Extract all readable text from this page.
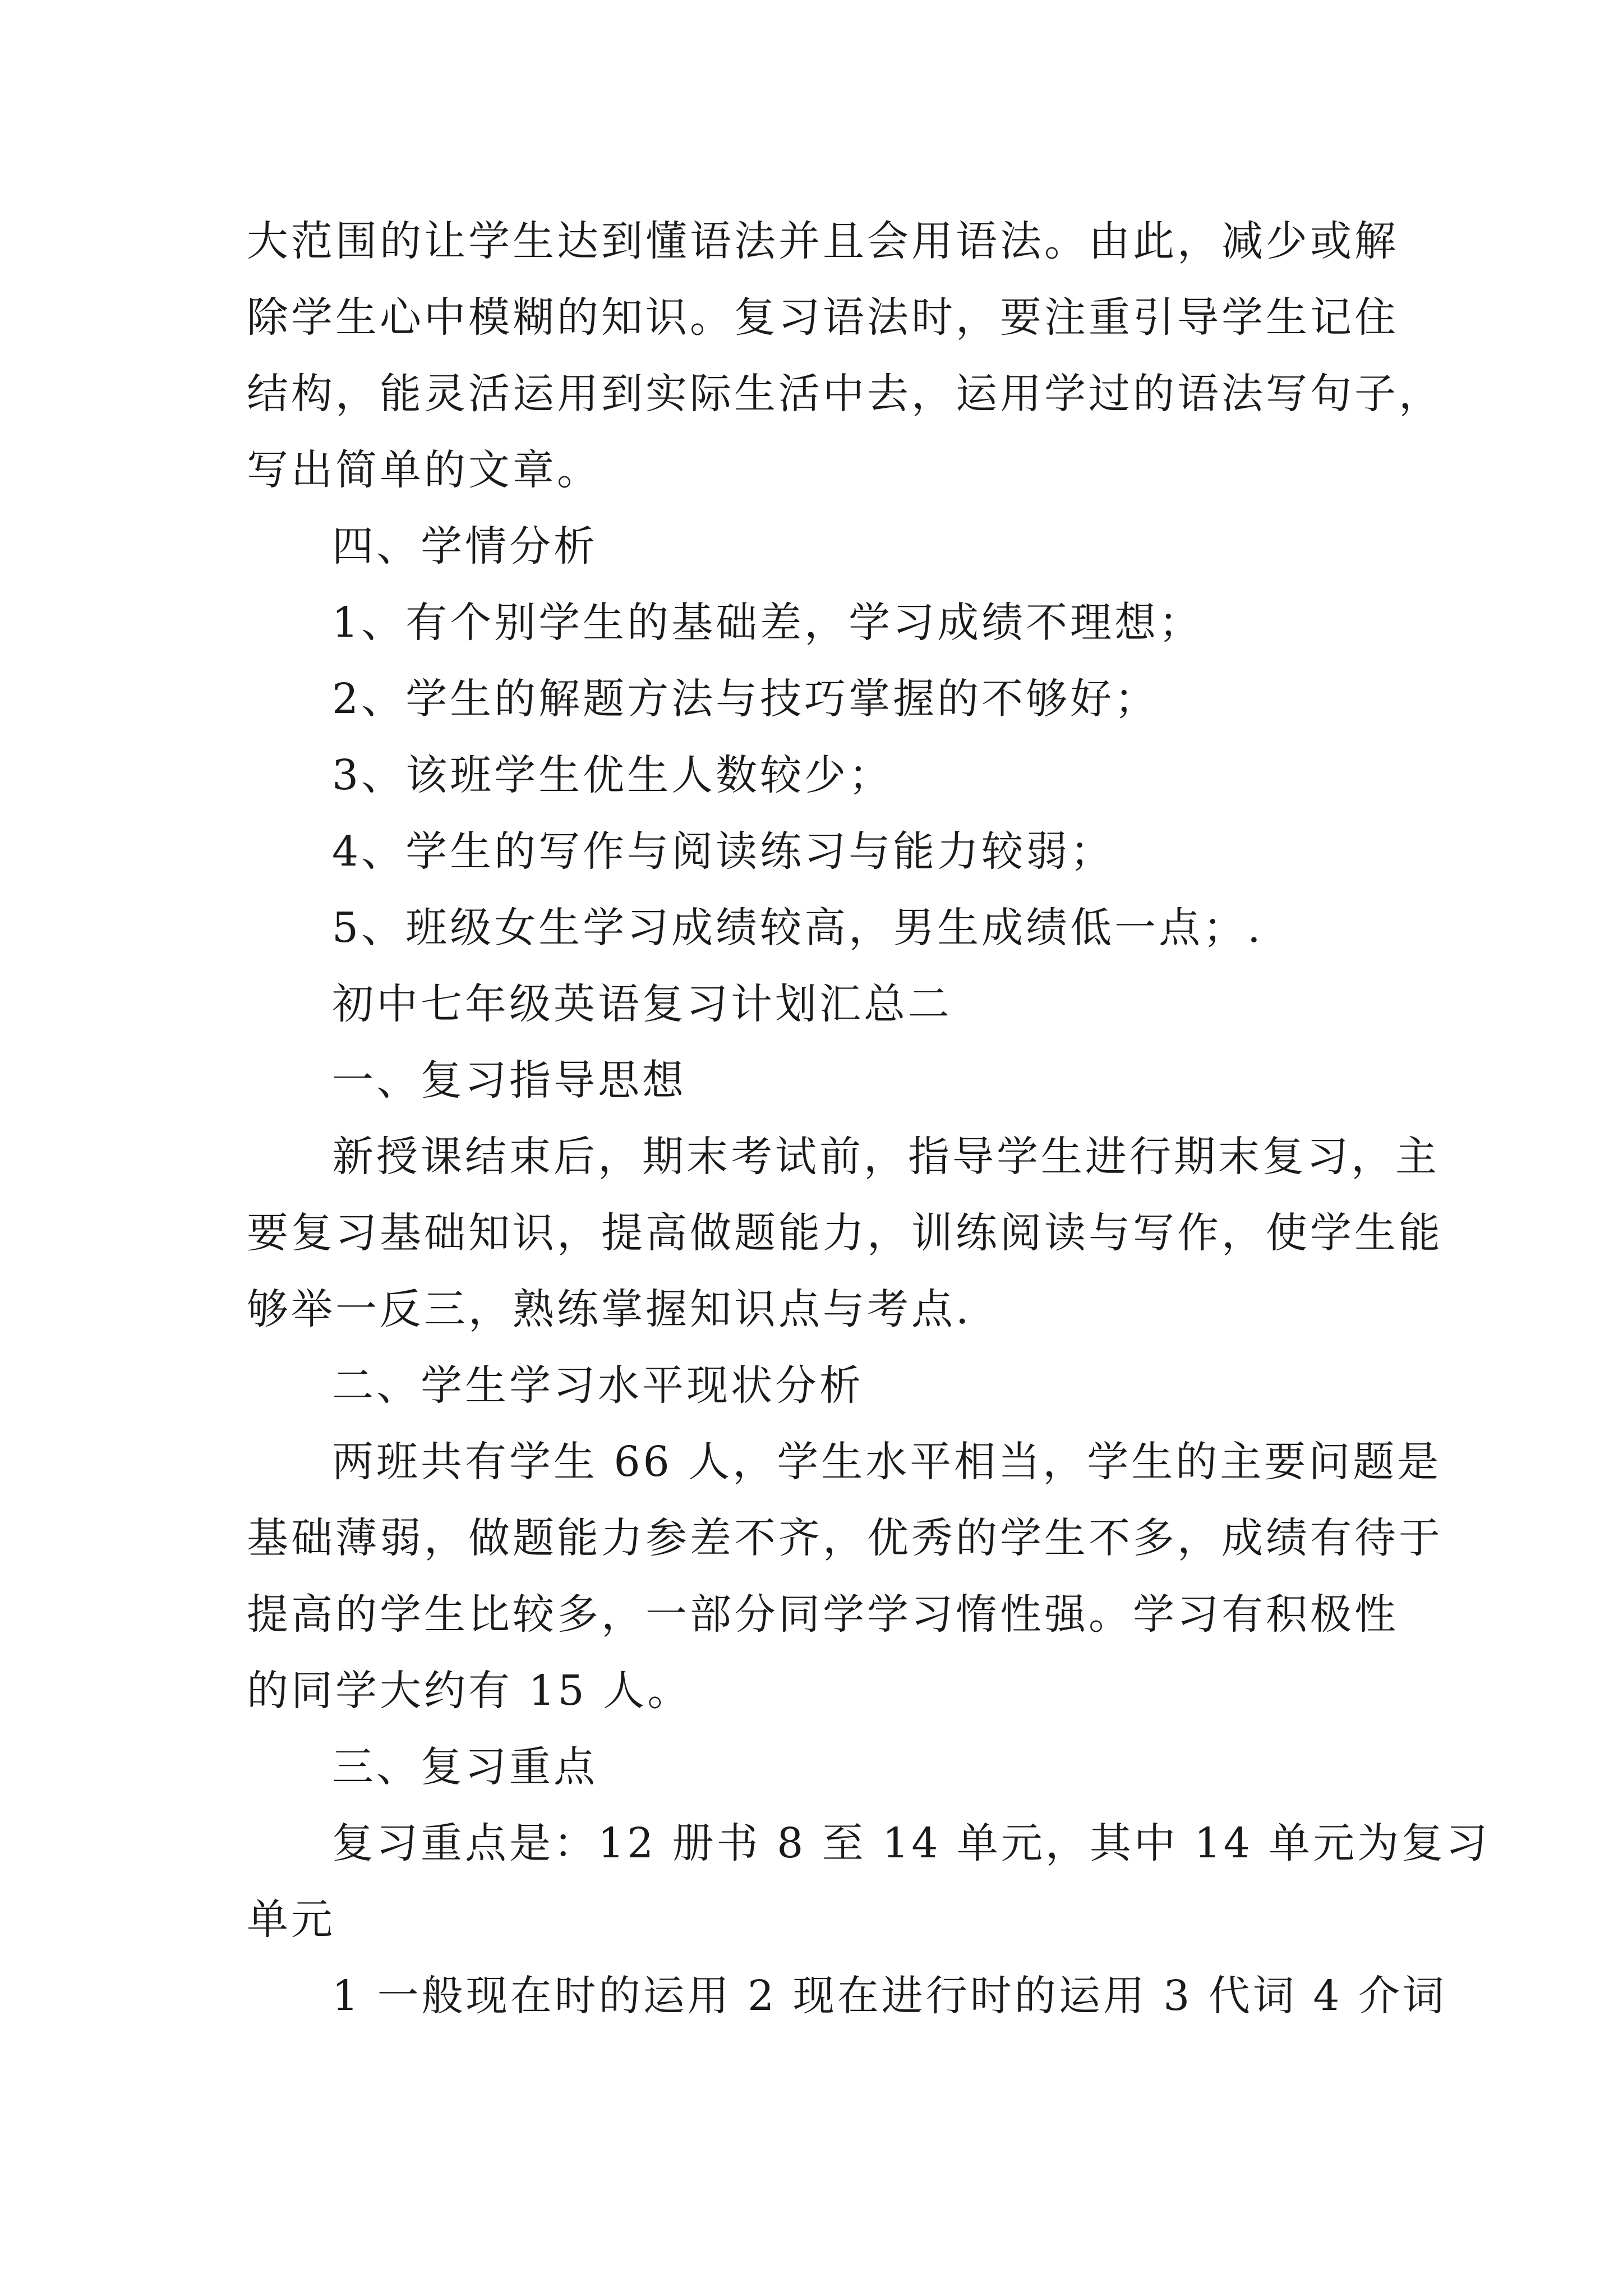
大范围的让学生达到懂语法并且会用语法。由此，减少或解
除学生心中模糊的知识。复习语法时，要注重引导学生记住
结构，能灵活运用到实际生活中去，运用学过的语法写句子，
写出简单的文章。
四、学情分析
1、有个别学生的基础差，学习成绩不理想；
2、学生的解题方法与技巧掌握的不够好；
3、该班学生优生人数较少；
4、学生的写作与阅读练习与能力较弱；
5、班级女生学习成绩较高，男生成绩低一点；.
初中七年级英语复习计划汇总二
一、复习指导思想
新授课结束后，期末考试前，指导学生进行期末复习，主
要复习基础知识，提高做题能力，训练阅读与写作，使学生能
够举一反三，熟练掌握知识点与考点.
二、学生学习水平现状分析
两班共有学生 66 人，学生水平相当，学生的主要问题是
基础薄弱，做题能力参差不齐，优秀的学生不多，成绩有待于
提高的学生比较多，一部分同学学习惰性强。学习有积极性
的同学大约有 15 人。
三、复习重点
复习重点是：12 册书 8 至 14 单元，其中 14 单元为复习
单元
1 一般现在时的运用 2 现在进行时的运用 3 代词 4 介词
